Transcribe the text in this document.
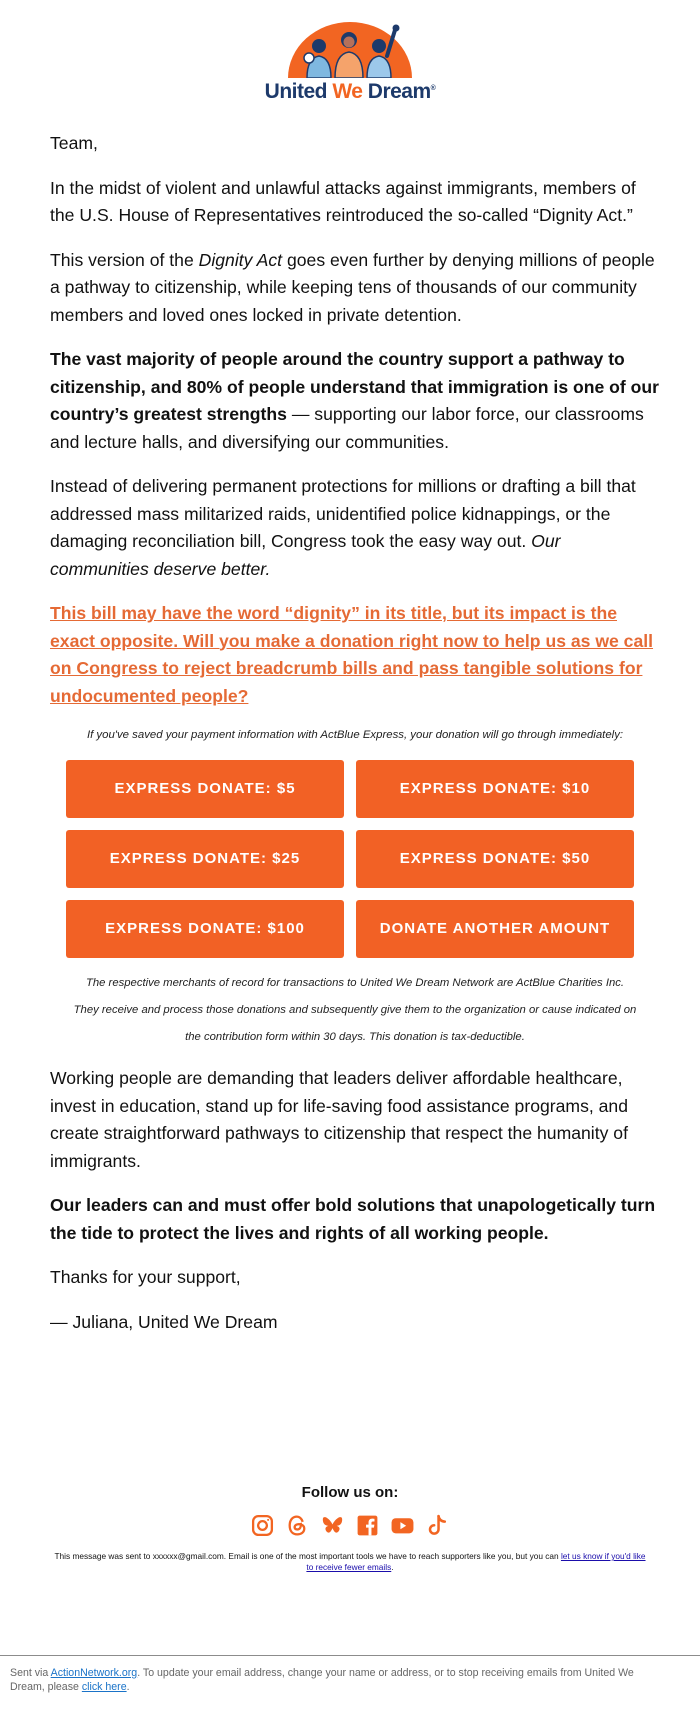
United We Dream®

Team,

In the midst of violent and unlawful attacks against immigrants, members of the U.S. House of Representatives reintroduced the so-called “Dignity Act.”

This version of the Dignity Act goes even further by denying millions of people a pathway to citizenship, while keeping tens of thousands of our community members and loved ones locked in private detention.

The vast majority of people around the country support a pathway to citizenship, and 80% of people understand that immigration is one of our country’s greatest strengths — supporting our labor force, our classrooms and lecture halls, and diversifying our communities.

Instead of delivering permanent protections for millions or drafting a bill that addressed mass militarized raids, unidentified police kidnappings, or the damaging reconciliation bill, Congress took the easy way out. Our communities deserve better.

This bill may have the word “dignity” in its title, but its impact is the exact opposite. Will you make a donation right now to help us as we call on Congress to reject breadcrumb bills and pass tangible solutions for undocumented people?

If you've saved your payment information with ActBlue Express, your donation will go through immediately:

EXPRESS DONATE: $5	EXPRESS DONATE: $10
EXPRESS DONATE: $25	EXPRESS DONATE: $50
EXPRESS DONATE: $100	DONATE ANOTHER AMOUNT
The respective merchants of record for transactions to United We Dream Network are ActBlue Charities Inc.
They receive and process those donations and subsequently give them to the organization or cause indicated on
the contribution form within 30 days. This donation is tax-deductible.

Working people are demanding that leaders deliver affordable healthcare, invest in education, stand up for life-saving food assistance programs, and create straightforward pathways to citizenship that respect the humanity of immigrants.

Our leaders can and must offer bold solutions that unapologetically turn the tide to protect the lives and rights of all working people.

Thanks for your support,

— Juliana, United We Dream

Follow us on:
This message was sent to xxxxxx@gmail.com. Email is one of the most important tools we have to reach supporters like you, but you can let us know if you'd like to receive fewer emails.
Sent via ActionNetwork.org. To update your email address, change your name or address, or to stop receiving emails from United We Dream, please click here.
